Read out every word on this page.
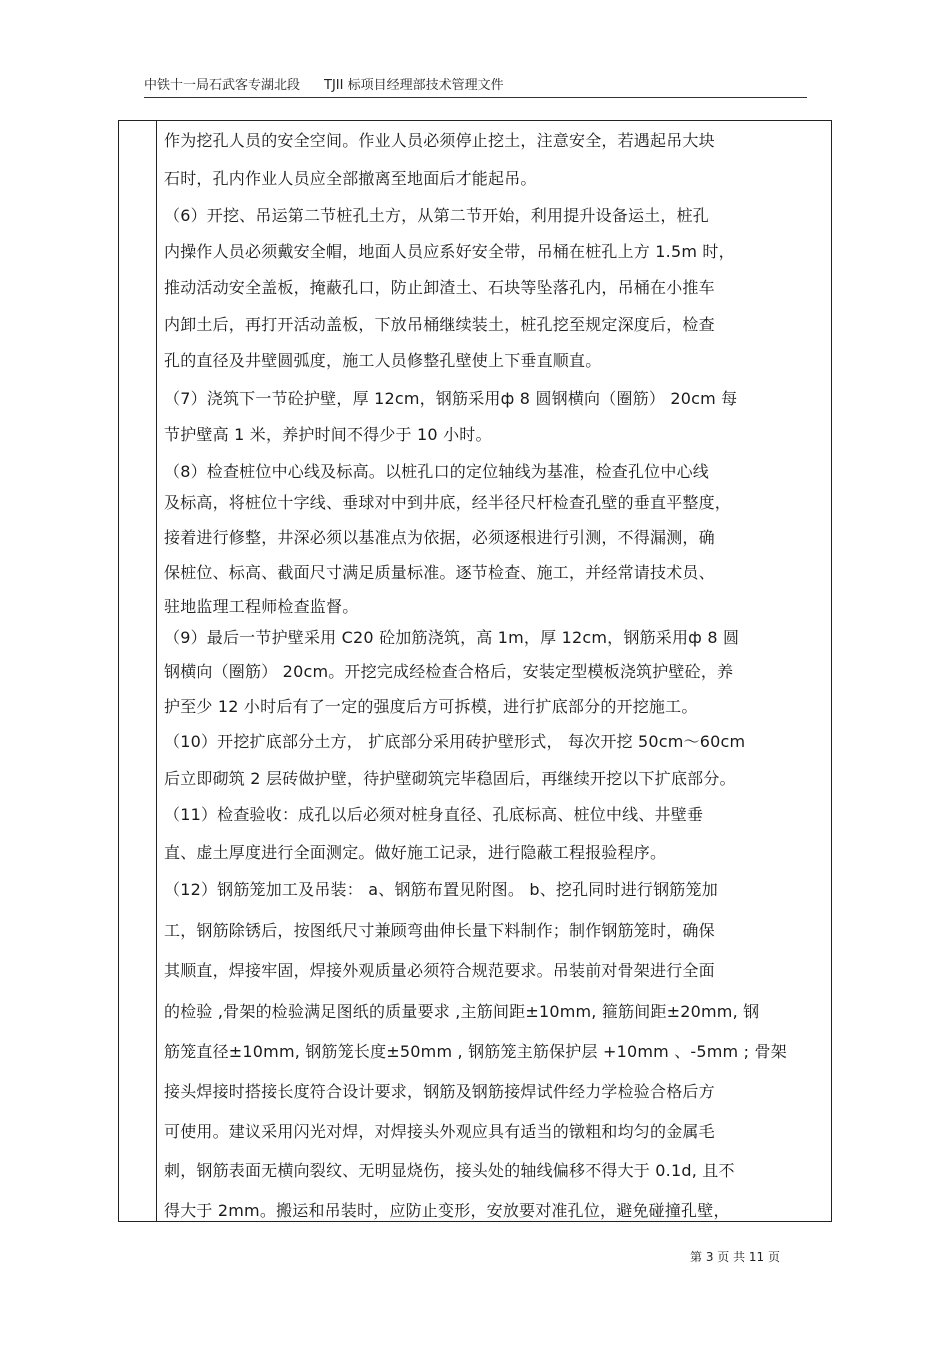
中铁十一局石武客专湖北段 TJII 标项目经理部技术管理文件
作为挖孔人员的安全空间。作业人员必须停止挖土，注意安全，若遇起吊大块
石时，孔内作业人员应全部撤离至地面后才能起吊。
（6）开挖、吊运第二节桩孔土方，从第二节开始，利用提升设备运土，桩孔
内操作人员必须戴安全帽，地面人员应系好安全带，吊桶在桩孔上方 1.5m 时，
推动活动安全盖板，掩蔽孔口，防止卸渣土、石块等坠落孔内，吊桶在小推车
内卸土后，再打开活动盖板，下放吊桶继续装土，桩孔挖至规定深度后，检查
孔的直径及井壁圆弧度，施工人员修整孔壁使上下垂直顺直。
（7）浇筑下一节砼护壁，厚 12cm，钢筋采用ф 8 圆钢横向（圈筋） 20cm 每
节护壁高 1 米，养护时间不得少于 10 小时。
（8）检查桩位中心线及标高。以桩孔口的定位轴线为基准，检查孔位中心线
及标高，将桩位十字线、垂球对中到井底，经半径尺杆检查孔壁的垂直平整度，
接着进行修整，井深必须以基准点为依据，必须逐根进行引测，不得漏测，确
保桩位、标高、截面尺寸满足质量标准。逐节检查、施工，并经常请技术员、
驻地监理工程师检查监督。
（9）最后一节护壁采用 C20 砼加筋浇筑，高 1m，厚 12cm，钢筋采用ф 8 圆
钢横向（圈筋） 20cm。开挖完成经检查合格后，安装定型模板浇筑护壁砼，养
护至少 12 小时后有了一定的强度后方可拆模，进行扩底部分的开挖施工。
（10）开挖扩底部分土方， 扩底部分采用砖护壁形式， 每次开挖 50cm～60cm
后立即砌筑 2 层砖做护壁，待护壁砌筑完毕稳固后，再继续开挖以下扩底部分。
（11）检查验收：成孔以后必须对桩身直径、孔底标高、桩位中线、井壁垂
直、虚土厚度进行全面测定。做好施工记录，进行隐蔽工程报验程序。
（12）钢筋笼加工及吊装： a、钢筋布置见附图。 b、挖孔同时进行钢筋笼加
工，钢筋除锈后，按图纸尺寸兼顾弯曲伸长量下料制作；制作钢筋笼时，确保
其顺直，焊接牢固，焊接外观质量必须符合规范要求。吊装前对骨架进行全面
的检验 ,骨架的检验满足图纸的质量要求 ,主筋间距±10mm, 箍筋间距±20mm, 钢
筋笼直径±10mm, 钢筋笼长度±50mm , 钢筋笼主筋保护层 +10mm 、-5mm ; 骨架
接头焊接时搭接长度符合设计要求，钢筋及钢筋接焊试件经力学检验合格后方
可使用。建议采用闪光对焊，对焊接头外观应具有适当的镦粗和均匀的金属毛
刺，钢筋表面无横向裂纹、无明显烧伤，接头处的轴线偏移不得大于 0.1d, 且不
得大于 2mm。搬运和吊装时，应防止变形，安放要对准孔位，避免碰撞孔壁，
第 3 页 共 11 页
